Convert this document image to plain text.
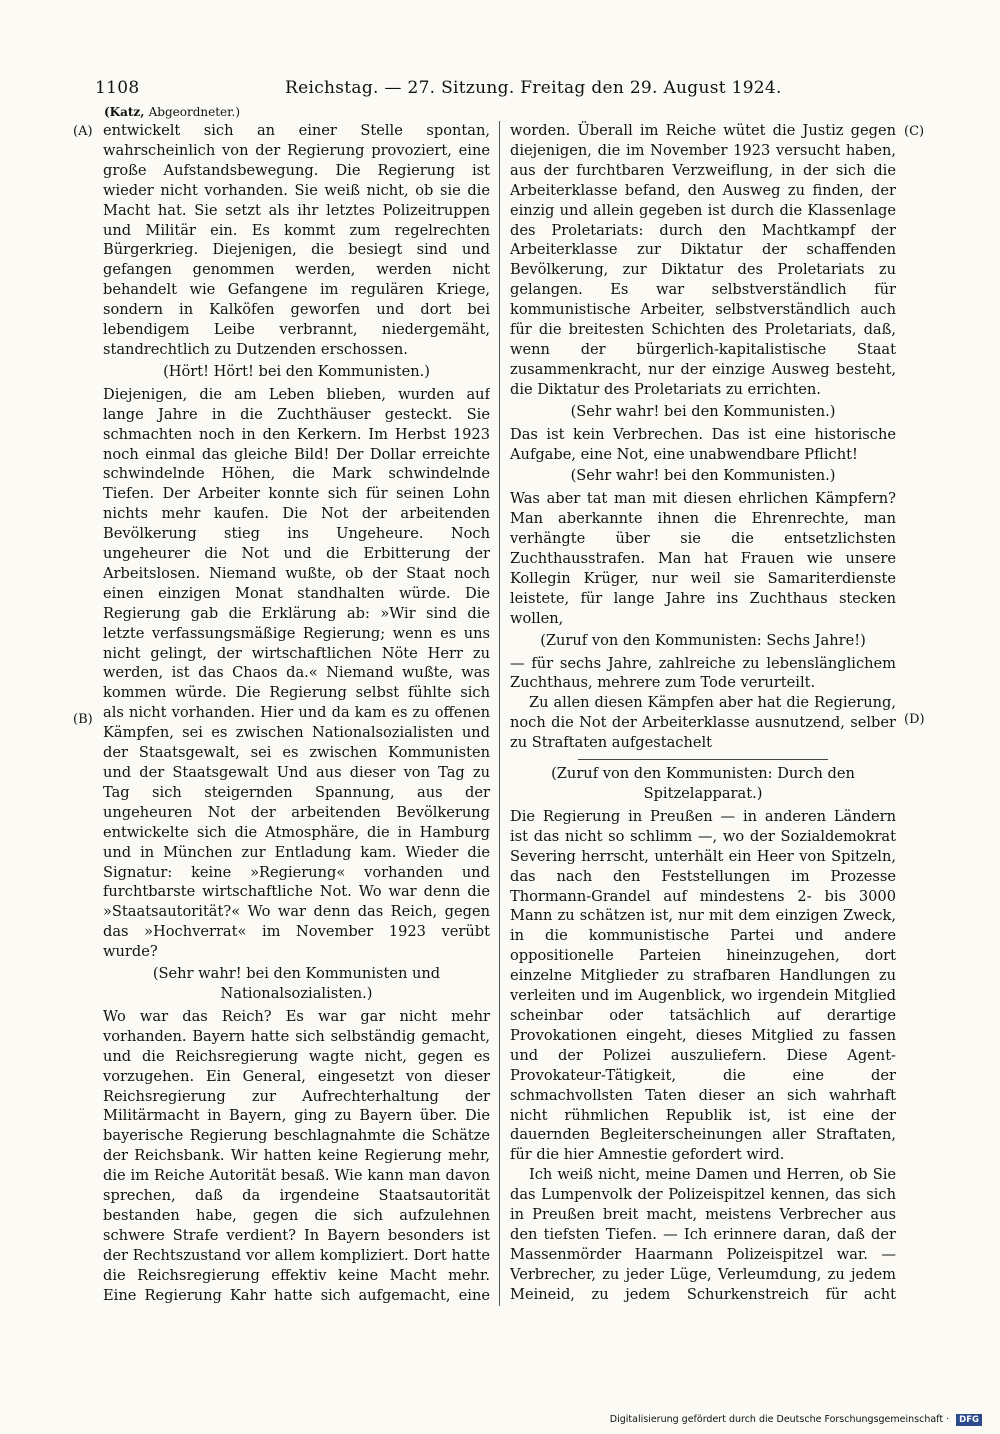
1108	Reichstag. — 27. Sitzung. Freitag den 29. August 1924.
(Katz, Abgeordneter.)
(A)
(B)
(C)
(D)

entwickelt sich an einer Stelle spontan, wahrscheinlich von der Regierung provoziert, eine große Aufstandsbewegung. Die Regierung ist wieder nicht vorhanden. Sie weiß nicht, ob sie die Macht hat. Sie setzt als ihr letztes Polizeitruppen und Militär ein. Es kommt zum regelrechten Bürgerkrieg. Diejenigen, die besiegt sind und gefangen genommen werden, werden nicht behandelt wie Gefangene im regulären Kriege, sondern in Kalköfen geworfen und dort bei lebendigem Leibe verbrannt, niedergemäht, standrechtlich zu Dutzenden erschossen.

(Hört! Hört! bei den Kommunisten.)

Diejenigen, die am Leben blieben, wurden auf lange Jahre in die Zuchthäuser gesteckt. Sie schmachten noch in den Kerkern. Im Herbst 1923 noch einmal das gleiche Bild! Der Dollar erreichte schwindelnde Höhen, die Mark schwindelnde Tiefen. Der Arbeiter konnte sich für seinen Lohn nichts mehr kaufen. Die Not der arbeitenden Bevölkerung stieg ins Ungeheure. Noch ungeheurer die Not und die Erbitterung der Arbeitslosen. Niemand wußte, ob der Staat noch einen einzigen Monat standhalten würde. Die Regierung gab die Erklärung ab: »Wir sind die letzte verfassungsmäßige Regierung; wenn es uns nicht gelingt, der wirtschaftlichen Nöte Herr zu werden, ist das Chaos da.« Niemand wußte, was kommen würde. Die Regierung selbst fühlte sich als nicht vorhanden. Hier und da kam es zu offenen Kämpfen, sei es zwischen Nationalsozialisten und der Staatsgewalt, sei es zwischen Kommunisten und der Staatsgewalt Und aus dieser von Tag zu Tag sich steigernden Spannung, aus der ungeheuren Not der arbeitenden Bevölkerung entwickelte sich die Atmosphäre, die in Hamburg und in München zur Entladung kam. Wieder die Signatur: keine »Regierung« vorhanden und furchtbarste wirtschaftliche Not. Wo war denn die »Staatsautorität?« Wo war denn das Reich, gegen das »Hochverrat« im November 1923 verübt wurde?

(Sehr wahr! bei den Kommunisten und Nationalsozialisten.)

Wo war das Reich? Es war gar nicht mehr vorhanden. Bayern hatte sich selbständig gemacht, und die Reichsregierung wagte nicht, gegen es vorzugehen. Ein General, eingesetzt von dieser Reichsregierung zur Aufrechterhaltung der Militärmacht in Bayern, ging zu Bayern über. Die bayerische Regierung beschlagnahmte die Schätze der Reichsbank. Wir hatten keine Regierung mehr, die im Reiche Autorität besaß. Wie kann man davon sprechen, daß da irgendeine Staatsautorität bestanden habe, gegen die sich aufzulehnen schwere Strafe verdient? In Bayern besonders ist der Rechtszustand vor allem kompliziert. Dort hatte die Reichsregierung effektiv keine Macht mehr. Eine Regierung Kahr hatte sich aufgemacht, eine

worden. Überall im Reiche wütet die Justiz gegen diejenigen, die im November 1923 versucht haben, aus der furchtbaren Verzweiflung, in der sich die Arbeiterklasse befand, den Ausweg zu finden, der einzig und allein gegeben ist durch die Klassenlage des Proletariats: durch den Machtkampf der Arbeiterklasse zur Diktatur der schaffenden Bevölkerung, zur Diktatur des Proletariats zu gelangen. Es war selbstverständlich für kommunistische Arbeiter, selbstverständlich auch für die breitesten Schichten des Proletariats, daß, wenn der bürgerlich-kapitalistische Staat zusammenkracht, nur der einzige Ausweg besteht, die Diktatur des Proletariats zu errichten.

(Sehr wahr! bei den Kommunisten.)

Das ist kein Verbrechen. Das ist eine historische Aufgabe, eine Not, eine unabwendbare Pflicht!

(Sehr wahr! bei den Kommunisten.)

Was aber tat man mit diesen ehrlichen Kämpfern? Man aberkannte ihnen die Ehrenrechte, man verhängte über sie die entsetzlichsten Zuchthausstrafen. Man hat Frauen wie unsere Kollegin Krüger, nur weil sie Samariterdienste leistete, für lange Jahre ins Zuchthaus stecken wollen,

(Zuruf von den Kommunisten: Sechs Jahre!)

— für sechs Jahre, zahlreiche zu lebenslänglichem Zuchthaus, mehrere zum Tode verurteilt.

Zu allen diesen Kämpfen aber hat die Regierung, noch die Not der Arbeiterklasse ausnutzend, selber zu Straftaten aufgestachelt

(Zuruf von den Kommunisten: Durch den Spitzelapparat.)

Die Regierung in Preußen — in anderen Ländern ist das nicht so schlimm —, wo der Sozialdemokrat Severing herrscht, unterhält ein Heer von Spitzeln, das nach den Feststellungen im Prozesse Thormann-Grandel auf mindestens 2- bis 3000 Mann zu schätzen ist, nur mit dem einzigen Zweck, in die kommunistische Partei und andere oppositionelle Parteien hineinzugehen, dort einzelne Mitglieder zu strafbaren Handlungen zu verleiten und im Augenblick, wo irgendein Mitglied scheinbar oder tatsächlich auf derartige Provokationen eingeht, dieses Mitglied zu fassen und der Polizei auszuliefern. Diese Agent-Provokateur-Tätigkeit, die eine der schmachvollsten Taten dieser an sich wahrhaft nicht rühmlichen Republik ist, ist eine der dauernden Begleiterscheinungen aller Straftaten, für die hier Amnestie gefordert wird.

Ich weiß nicht, meine Damen und Herren, ob Sie das Lumpenvolk der Polizeispitzel kennen, das sich in Preußen breit macht, meistens Verbrecher aus den tiefsten Tiefen. — Ich erinnere daran, daß der Massenmörder Haarmann Polizeispitzel war. — Verbrecher, zu jeder Lüge, Verleumdung, zu jedem Meineid, zu jedem Schurkenstreich für acht

Digitalisierung gefördert durch die Deutsche Forschungsgemeinschaft · DFG
